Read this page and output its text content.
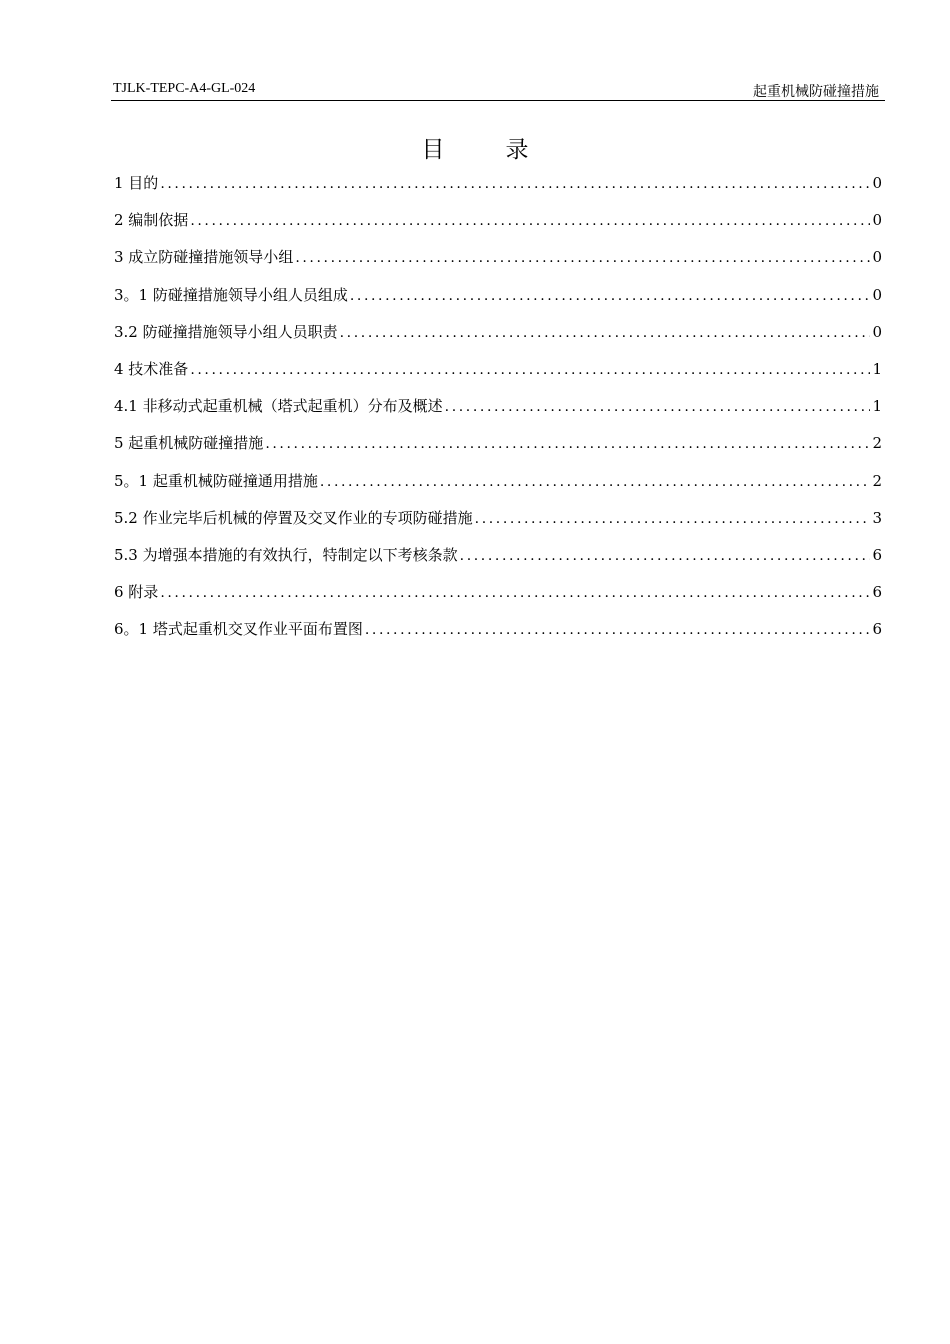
TJLK-TEPC-A4-GL-024	起重机械防碰撞措施
目录
1 目的 .....	0
2 编制依据 .....	0
3 成立防碰撞措施领导小组 .....	0
3。1 防碰撞措施领导小组人员组成 .....	0
3.2 防碰撞措施领导小组人员职责 .....	0
4 技术准备 .....	1
4.1 非移动式起重机械（塔式起重机）分布及概述 .....	1
5 起重机械防碰撞措施 .....	2
5。1 起重机械防碰撞通用措施 .....	2
5.2 作业完毕后机械的停置及交叉作业的专项防碰措施 .....	3
5.3 为增强本措施的有效执行，特制定以下考核条款 .....	6
6 附录 .....	6
6。1 塔式起重机交叉作业平面布置图 .....	6
